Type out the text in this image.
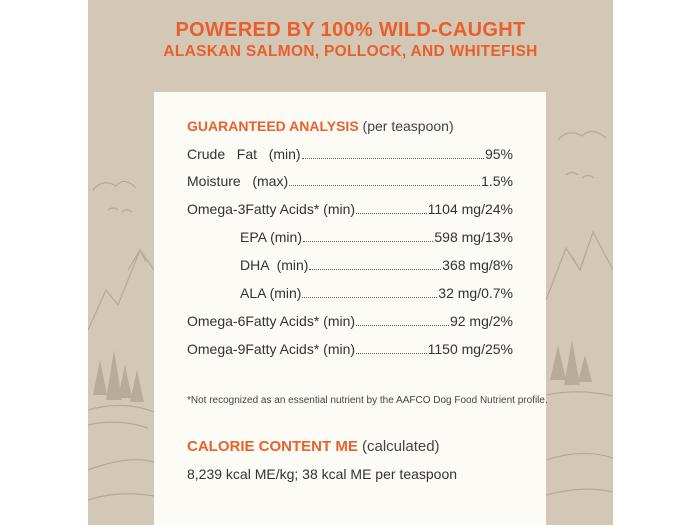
POWERED BY 100% WILD-CAUGHT
ALASKAN SALMON, POLLOCK, AND WHITEFISH
GUARANTEED ANALYSIS (per teaspoon)
Crude   Fat   (min)	95%
Moisture   (max)	1.5%
Omega-3Fatty Acids* (min)	1104 mg/24%
EPA (min)	598 mg/13%
DHA  (min)	368 mg/8%
ALA (min)	32 mg/0.7%
Omega-6Fatty Acids* (min)	92 mg/2%
Omega-9Fatty Acids* (min)	1150 mg/25%
*Not recognized as an essential nutrient by the AAFCO Dog Food Nutrient profile.
CALORIE CONTENT ME (calculated)
8,239 kcal ME/kg; 38 kcal ME per teaspoon
